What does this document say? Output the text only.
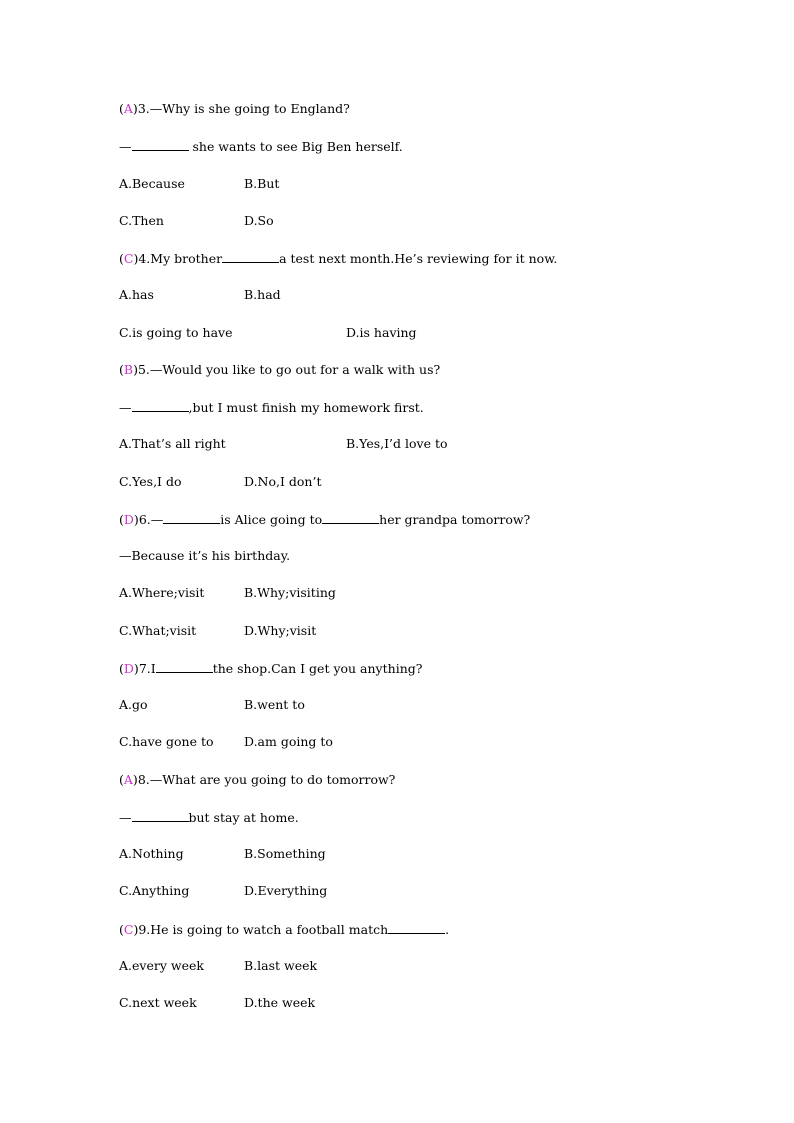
(A)3.—Why is she going to England?
—	she wants to see Big Ben herself.
A.Because	B.But
C.Then	D.So
(C)4.My brother	a test next month.He’s reviewing for it now.
A.has	B.had
C.is going to have	D.is having
(B)5.—Would you like to go out for a walk with us?
—	,but I must finish my homework first.
A.That’s all right	B.Yes,I’d love to
C.Yes,I do	D.No,I don’t
(D)6.—	is Alice going to	her grandpa tomorrow?
—Because it’s his birthday.
A.Where;visit	B.Why;visiting
C.What;visit	D.Why;visit
(D)7.I	the shop.Can I get you anything?
A.go	B.went to
C.have gone to D.am going to
(A)8.—What are you going to do tomorrow?
—	but stay at home.
A.Nothing	B.Something
C.Anything	D.Everything
(C)9.He is going to watch a football match	.
A.every week	B.last week
C.next week	D.the week
